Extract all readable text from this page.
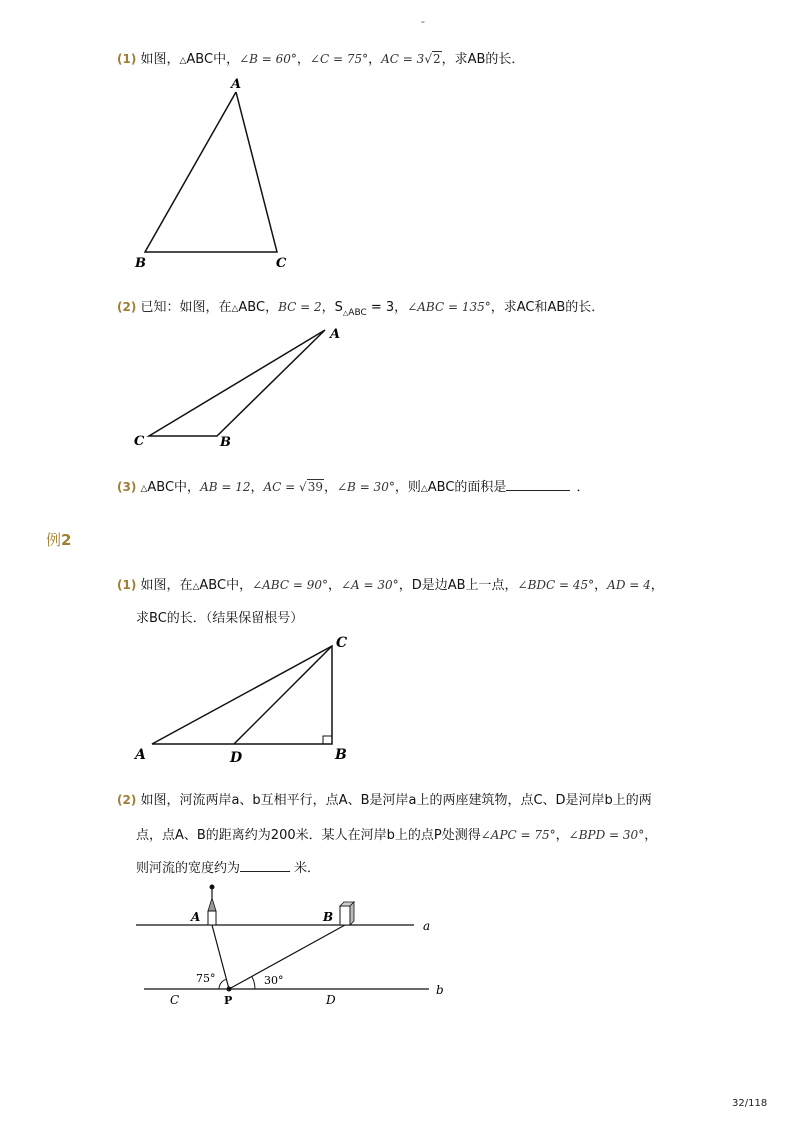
-
(1) 如图，△ABC中，∠B = 60°，∠C = 75°，AC = 3√2，求AB的长．
A
B	C
(2) 已知：如图，在△ABC，BC = 2，$S_{\triangle ABC} = 3$，∠ABC = 135°，求AC和AB的长．
A
C	B
(3) △ABC中，AB = 12，AC = √39，∠B = 30°，则△ABC的面积是	．
例2
(1) 如图，在△ABC中，∠ABC = 90°，∠A = 30°，D是边AB上一点，∠BDC = 45°，AD = 4，
求BC的长．（结果保留根号）
C
A	D	B
(2) 如图，河流两岸a、b互相平行，点A、B是河岸a上的两座建筑物，点C、D是河岸b上的两
点，点A、B的距离约为200米．某人在河岸b上的点P处测得∠APC = 75°，∠BPD = 30°，
则河流的宽度约为	米．
A	B
a
b
C	P	D
75°	30°
32/118
